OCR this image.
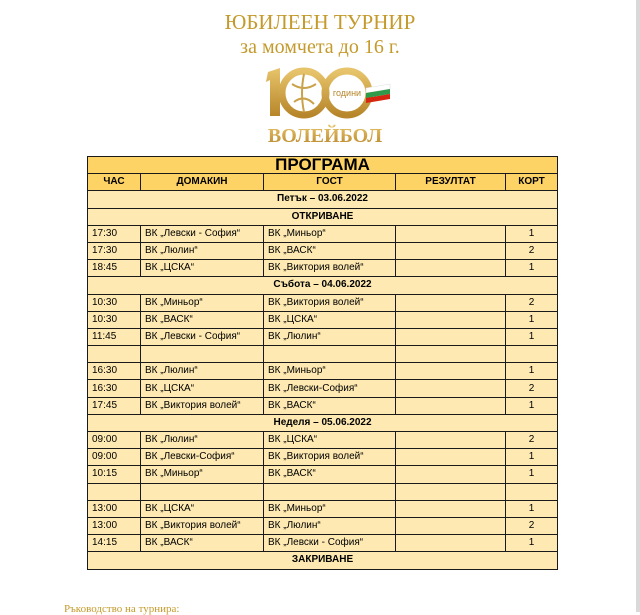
ЮБИЛЕЕН ТУРНИР
за момчета до 16 г.
години
ВОЛЕЙБОЛ
ПРОГРАМА				
ЧАС	ДОМАКИН	ГОСТ	РЕЗУЛТАТ	КОРТ
Петък – 03.06.2022				
ОТКРИВАНЕ				
17:30	ВК „Левски - София“	ВК „Миньор“		1
17:30	ВК „Люлин“	ВК „ВАСК“		2
18:45	ВК „ЦСКА“	ВК „Виктория волей“		1
Събота – 04.06.2022				
10:30	ВК „Миньор“	ВК „Виктория волей“		2
10:30	ВК „ВАСК“	ВК „ЦСКА“		1
11:45	ВК „Левски - София“	ВК „Люлин“		1

16:30	ВК „Люлин“	ВК „Миньор“		1
16:30	ВК „ЦСКА“	ВК „Левски-София“		2
17:45	ВК „Виктория волей“	ВК „ВАСК“		1
Неделя – 05.06.2022				
09:00	ВК „Люлин“	ВК „ЦСКА“		2
09:00	ВК „Левски-София“	ВК „Виктория волей“		1
10:15	ВК „Миньор“	ВК „ВАСК“		1

13:00	ВК „ЦСКА“	ВК „Миньор“		1
13:00	ВК „Виктория волей“	ВК „Люлин“		2
14:15	ВК „ВАСК“	ВК „Левски - София“		1
ЗАКРИВАНЕ				
Ръководство на турнира:
